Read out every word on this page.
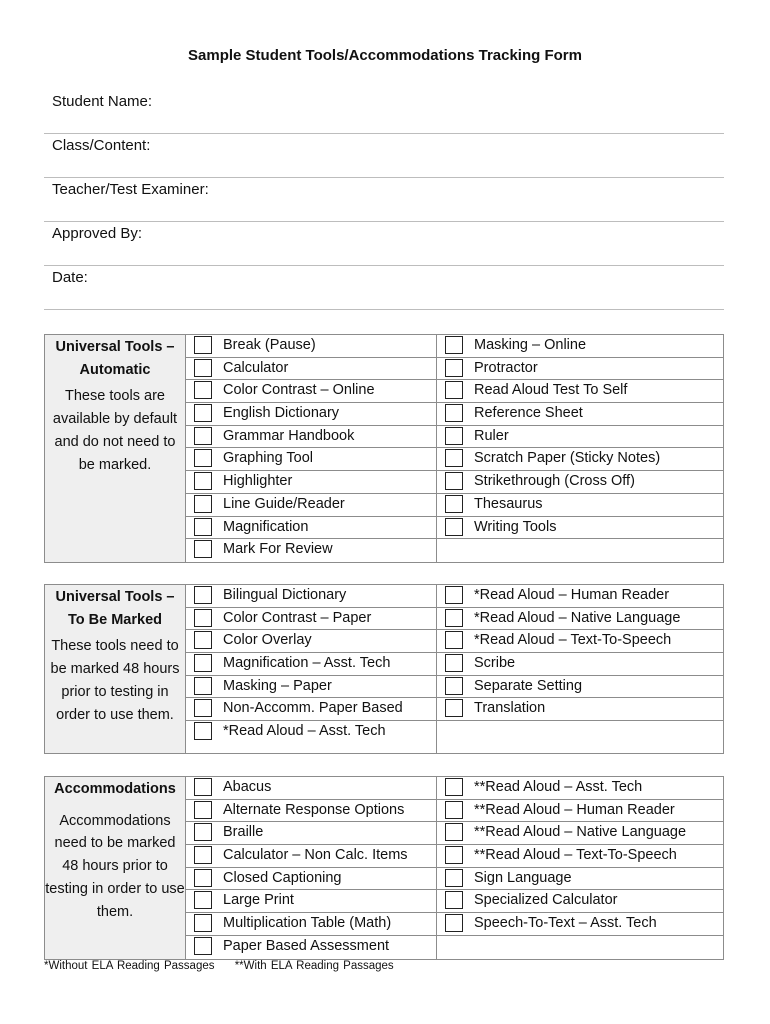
Sample Student Tools/Accommodations Tracking Form
Student Name:
Class/Content:
Teacher/Test Examiner:
Approved By:
Date:
Universal Tools –
Automatic
These tools are available by default and do not need to be marked.
Break (Pause)
Calculator
Color Contrast – Online
English Dictionary
Grammar Handbook
Graphing Tool
Highlighter
Line Guide/Reader
Magnification
Mark For Review
Masking – Online
Protractor
Read Aloud Test To Self
Reference Sheet
Ruler
Scratch Paper (Sticky Notes)
Strikethrough (Cross Off)
Thesaurus
Writing Tools
Universal Tools –
To Be Marked
These tools need to be marked 48 hours prior to testing in order to use them.
Bilingual Dictionary
Color Contrast – Paper
Color Overlay
Magnification – Asst. Tech
Masking – Paper
Non-Accomm. Paper Based
*Read Aloud – Asst. Tech
*Read Aloud – Human Reader
*Read Aloud – Native Language
*Read Aloud – Text-To-Speech
Scribe
Separate Setting
Translation
Accommodations
Accommodations need to be marked 48 hours prior to testing in order to use them.
Abacus
Alternate Response Options
Braille
Calculator – Non Calc. Items
Closed Captioning
Large Print
Multiplication Table (Math)
Paper Based Assessment
**Read Aloud – Asst. Tech
**Read Aloud – Human Reader
**Read Aloud – Native Language
**Read Aloud – Text-To-Speech
Sign Language
Specialized Calculator
Speech-To-Text – Asst. Tech
*Without ELA Reading Passages **With ELA Reading Passages
